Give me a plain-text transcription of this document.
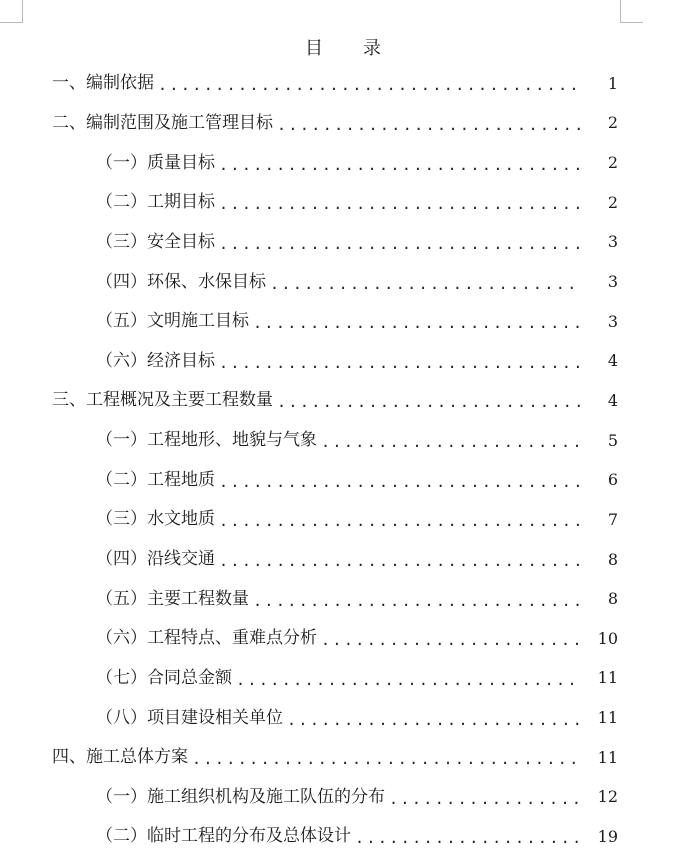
目 录
一、编制依据 .....	1
二、编制范围及施工管理目标 .....	2
（一）质量目标 .....	2
（二）工期目标 .....	2
（三）安全目标 .....	3
（四）环保、水保目标 .....	3
（五）文明施工目标 .....	3
（六）经济目标 .....	4
三、工程概况及主要工程数量 .....	4
（一）工程地形、地貌与气象 .....	5
（二）工程地质 .....	6
（三）水文地质 .....	7
（四）沿线交通 .....	8
（五）主要工程数量 .....	8
（六）工程特点、重难点分析 .....	10
（七）合同总金额 .....	11
（八）项目建设相关单位 .....	11
四、施工总体方案 .....	11
（一）施工组织机构及施工队伍的分布 .....	12
（二）临时工程的分布及总体设计 .....	19
